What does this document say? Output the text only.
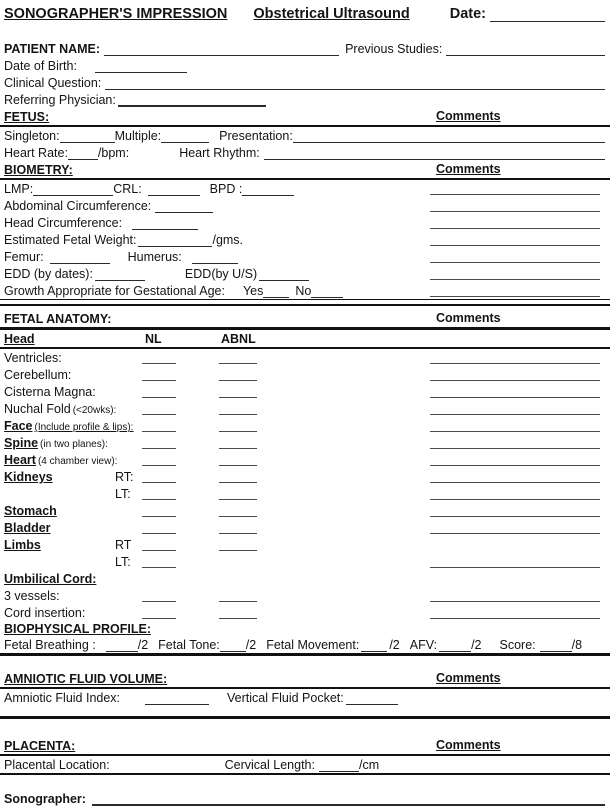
SONOGRAPHER'S IMPRESSION Obstetrical Ultrasound	Date:
PATIENT NAME:	Previous Studies:
Date of Birth:
Clinical Question:
Referring Physician:
FETUS:	Comments
Singleton:	Multiple:	Presentation:
Heart Rate: /bpm:	Heart Rhythm:
BIOMETRY:	Comments
LMP:	CRL:	BPD :
Abdominal Circumference:
Head Circumference:
Estimated Fetal Weight:	/gms.
Femur:	Humerus:
EDD (by dates):	EDD(by U/S)
Growth Appropriate for Gestational Age: Yes	No
FETAL ANATOMY:	Comments
Head	NL	ABNL
Ventricles:
Cerebellum:
Cisterna Magna:
Nuchal Fold (<20wks):
Face (Include profile & lips):
Spine (in two planes):
Heart (4 chamber view):
Kidneys	RT:
LT:
Stomach
Bladder
Limbs	RT
LT:
Umbilical Cord:
3 vessels:
Cord insertion:
BIOPHYSICAL PROFILE:
Fetal Breathing :	/2 Fetal Tone: /2 Fetal Movement: /2 AFV:	/2 Score:	/8
AMNIOTIC FLUID VOLUME:	Comments
Amniotic Fluid Index:	Vertical Fluid Pocket:
PLACENTA:	Comments
Placental Location:	Cervical Length:	/cm
Sonographer:
